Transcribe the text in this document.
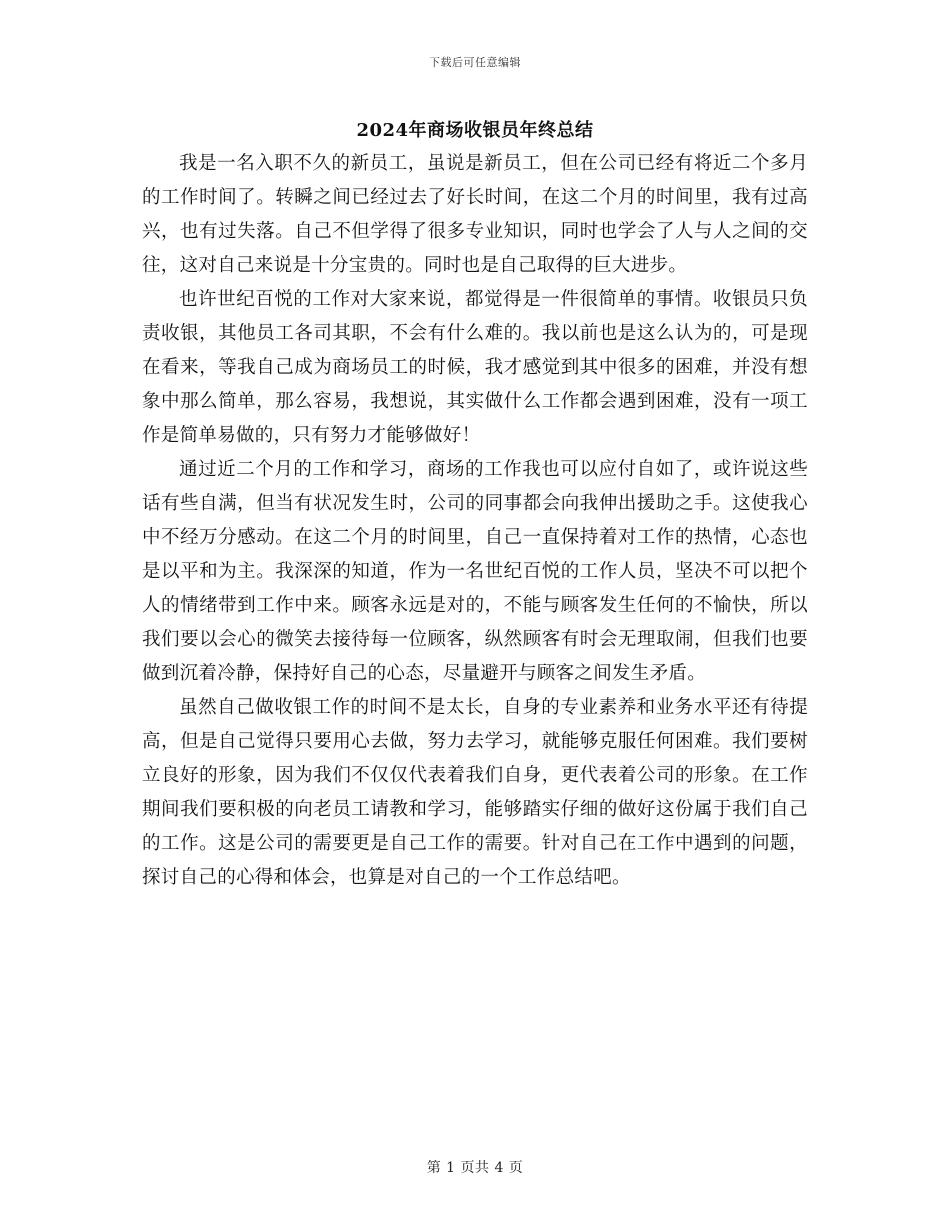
下载后可任意编辑
2024年商场收银员年终总结

我是一名入职不久的新员工，虽说是新员工，但在公司已经有将近二个多月的工作时间了。转瞬之间已经过去了好长时间，在这二个月的时间里，我有过高兴，也有过失落。自己不但学得了很多专业知识，同时也学会了人与人之间的交往，这对自己来说是十分宝贵的。同时也是自己取得的巨大进步。

也许世纪百悦的工作对大家来说，都觉得是一件很简单的事情。收银员只负责收银，其他员工各司其职，不会有什么难的。我以前也是这么认为的，可是现在看来，等我自己成为商场员工的时候，我才感觉到其中很多的困难，并没有想象中那么简单，那么容易，我想说，其实做什么工作都会遇到困难，没有一项工作是简单易做的，只有努力才能够做好！

通过近二个月的工作和学习，商场的工作我也可以应付自如了，或许说这些话有些自满，但当有状况发生时，公司的同事都会向我伸出援助之手。这使我心中不经万分感动。在这二个月的时间里，自己一直保持着对工作的热情，心态也是以平和为主。我深深的知道，作为一名世纪百悦的工作人员，坚决不可以把个人的情绪带到工作中来。顾客永远是对的，不能与顾客发生任何的不愉快，所以我们要以会心的微笑去接待每一位顾客，纵然顾客有时会无理取闹，但我们也要做到沉着冷静，保持好自己的心态，尽量避开与顾客之间发生矛盾。

虽然自己做收银工作的时间不是太长，自身的专业素养和业务水平还有待提高，但是自己觉得只要用心去做，努力去学习，就能够克服任何困难。我们要树立良好的形象，因为我们不仅仅代表着我们自身，更代表着公司的形象。在工作期间我们要积极的向老员工请教和学习，能够踏实仔细的做好这份属于我们自己的工作。这是公司的需要更是自己工作的需要。针对自己在工作中遇到的问题，探讨自己的心得和体会，也算是对自己的一个工作总结吧。

第 1 页共 4 页
